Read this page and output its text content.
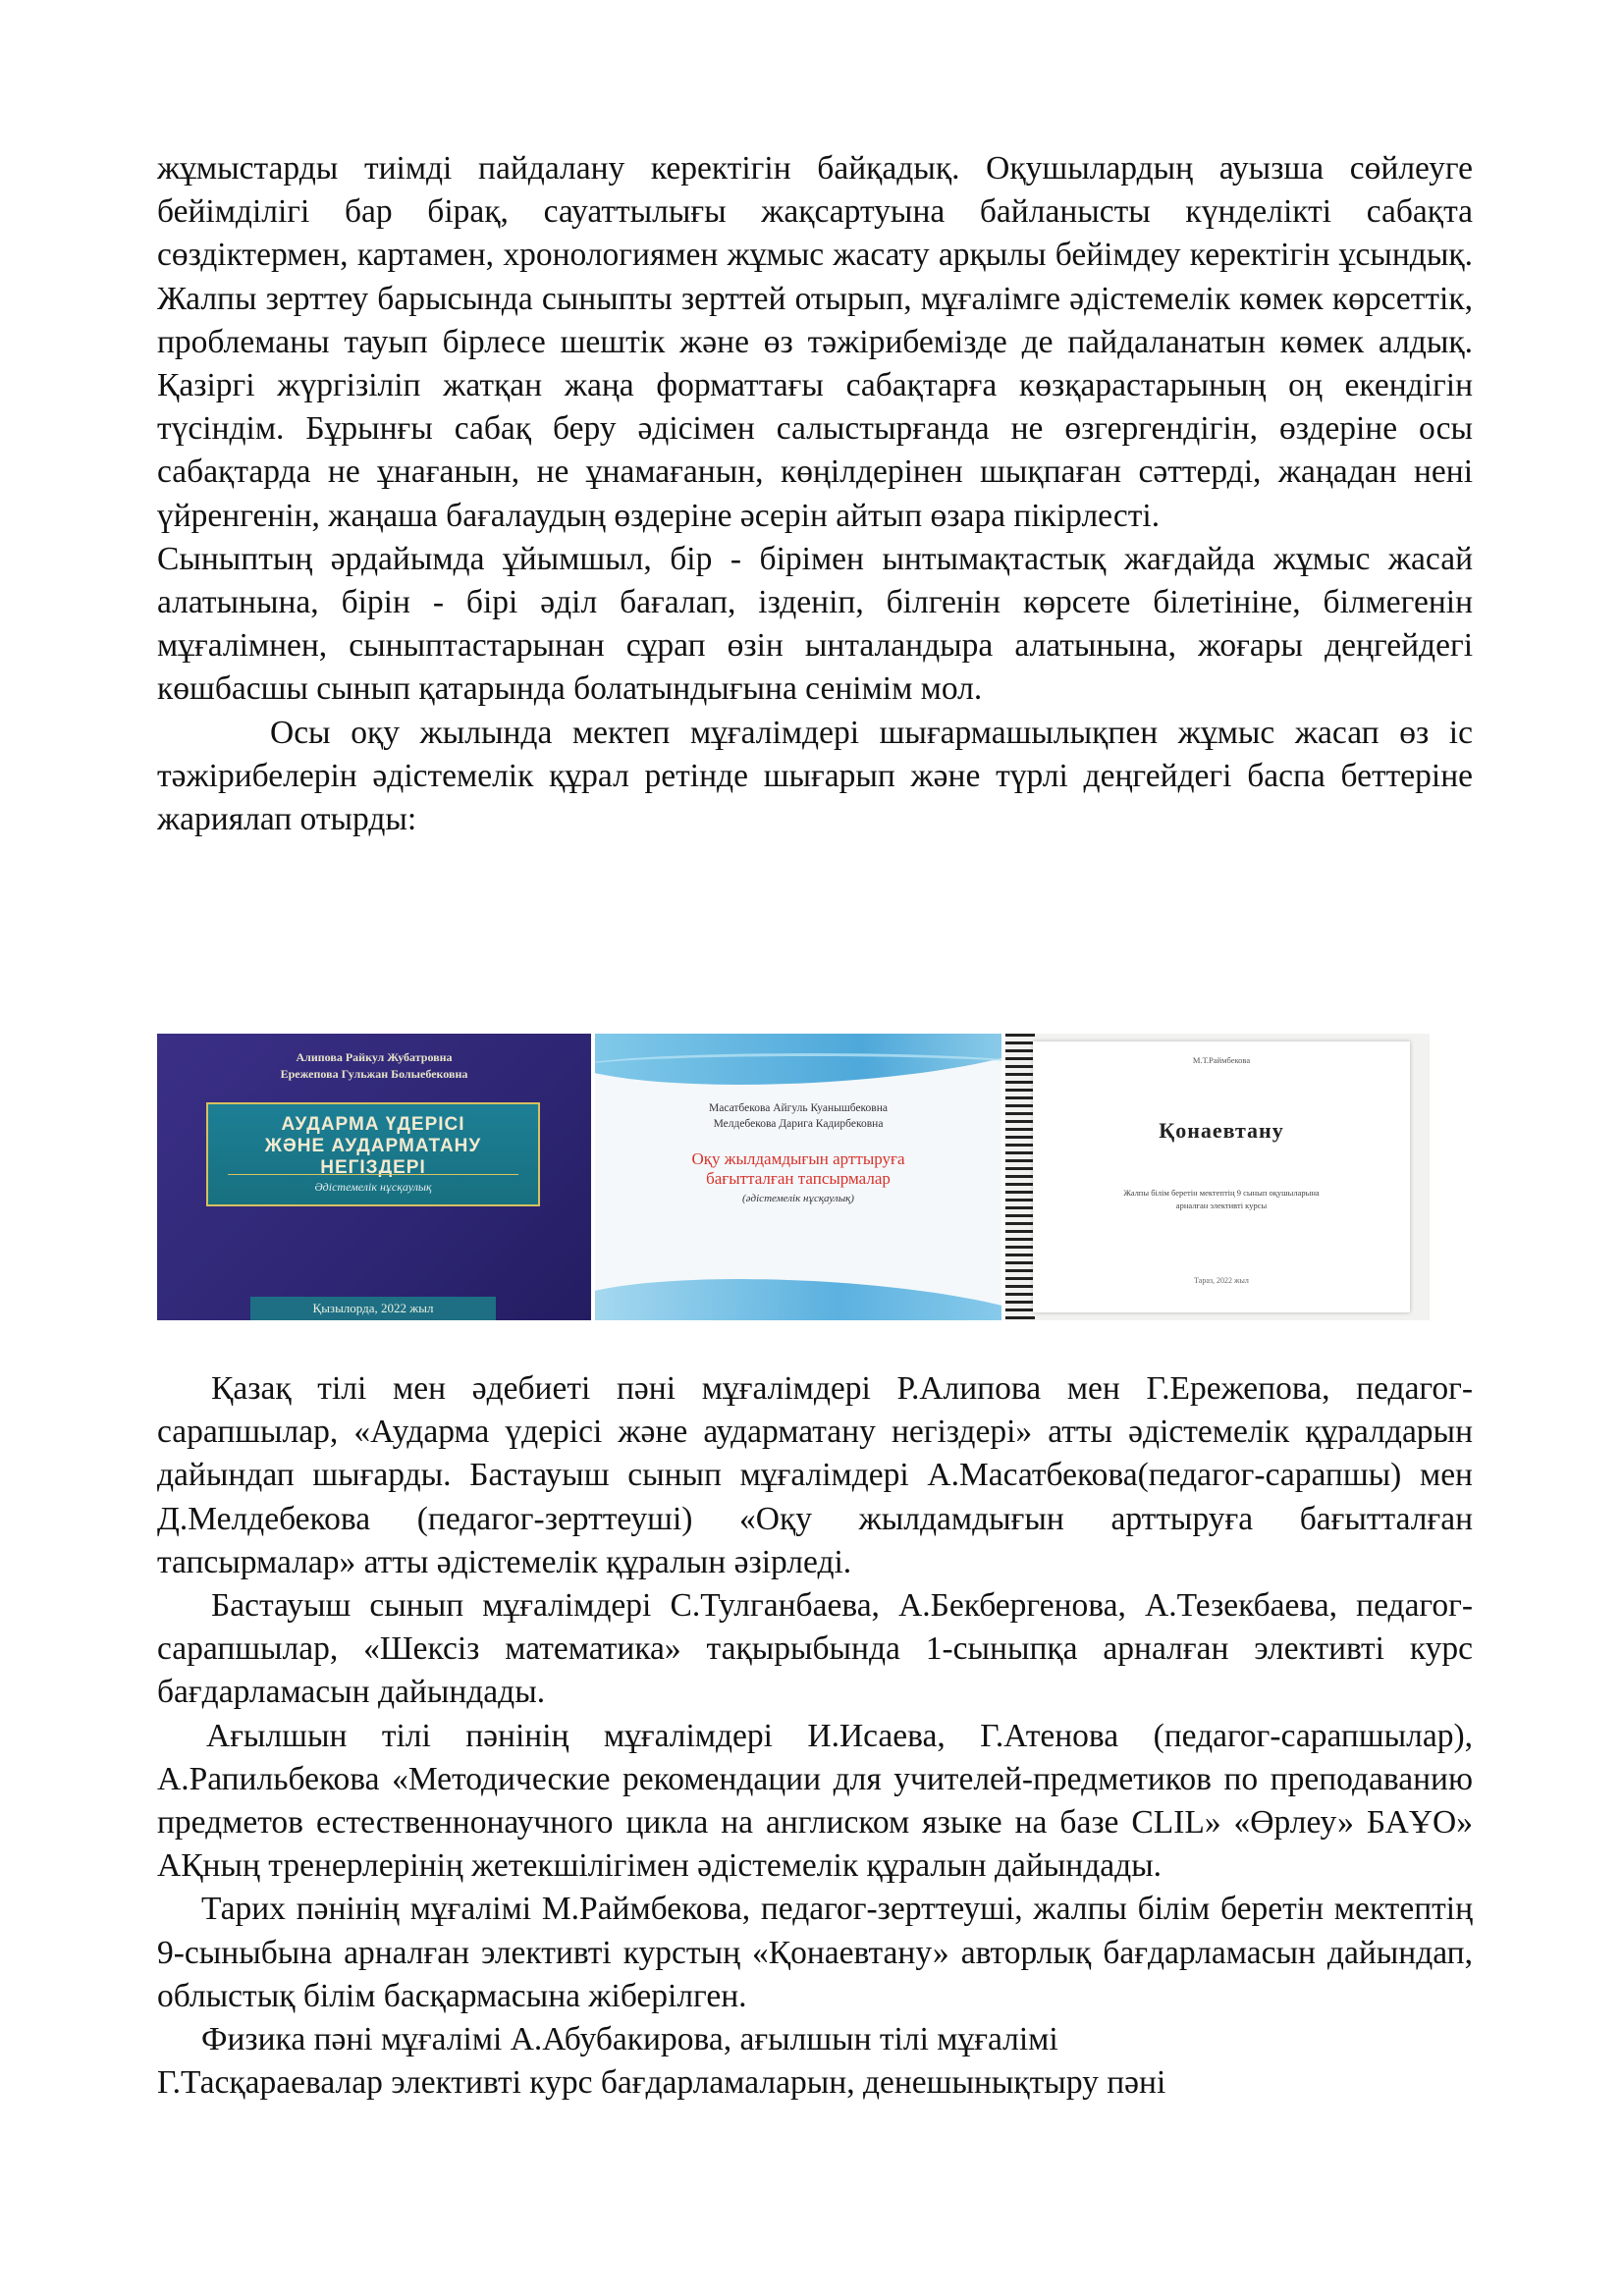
жұмыстарды тиімді пайдалану керектігін байқадық. Оқушылардың ауызша сөйлеуге бейімділігі бар бірақ, сауаттылығы жақсартуына байланысты күнделікті сабақта сөздіктермен, картамен, хронологиямен жұмыс жасату арқылы бейімдеу керектігін ұсындық. Жалпы зерттеу барысында сыныпты зерттей отырып, мұғалімге әдістемелік көмек көрсеттік, проблеманы тауып бірлесе шештік және өз тәжірибемізде де пайдаланатын көмек алдық. Қазіргі жүргізіліп жатқан жаңа форматтағы сабақтарға көзқарастарының оң екендігін түсіндім. Бұрынғы сабақ беру әдісімен салыстырғанда не өзгергендігін, өздеріне осы сабақтарда не ұнағанын, не ұнамағанын, көңілдерінен шықпаған сәттерді, жаңадан нені үйренгенін, жаңаша бағалаудың өздеріне әсерін айтып өзара пікірлесті.

Сыныптың әрдайымда ұйымшыл, бір - бірімен ынтымақтастық жағдайда жұмыс жасай алатынына, бірін - бірі әділ бағалап, ізденіп, білгенін көрсете білетініне, білмегенін мұғалімнен, сыныптастарынан сұрап өзін ынталандыра алатынына, жоғары деңгейдегі көшбасшы сынып қатарында болатындығына сенімім мол.

Осы оқу жылында мектеп мұғалімдері шығармашылықпен жұмыс жасап өз іс тәжірибелерін әдістемелік құрал ретінде шығарып және түрлі деңгейдегі баспа беттеріне жариялап отырды:

Алипова Райкул Жубатровна
Ережепова Гульжан Болыебековна
АУДАРМА ҮДЕРІСІ
ЖӘНЕ АУДАРМАТАНУ
НЕГІЗДЕРІ
Әдістемелік нұсқаулық
Қызылорда, 2022 жыл
Масатбекова Айгуль Куанышбековна
Мелдебекова Дарига Кадирбековна
Оқу жылдамдығын арттыруға
бағытталған тапсырмалар
(әдістемелік нұсқаулық)
М.Т.Раймбекова
Қонаевтану
Жалпы білім беретін мектептің 9 сынып оқушыларына
арналған элективті курсы
Тараз, 2022 жыл

Қазақ тілі мен әдебиеті пәні мұғалімдері Р.Алипова мен Г.Ережепова, педагог-сарапшылар, «Аударма үдерісі және аударматану негіздері» атты әдістемелік құралдарын дайындап шығарды. Бастауыш сынып мұғалімдері А.Масатбекова(педагог-сарапшы) мен Д.Мелдебекова (педагог-зерттеуші) «Оқу жылдамдығын арттыруға бағытталған тапсырмалар» атты әдістемелік құралын әзірледі.

Бастауыш сынып мұғалімдері С.Тулганбаева, А.Бекбергенова, А.Тезекбаева, педагог-сарапшылар, «Шексіз математика» тақырыбында 1-сыныпқа арналған элективті курс бағдарламасын дайындады.

Ағылшын тілі пәнінің мұғалімдері И.Исаева, Г.Атенова (педагог-сарапшылар), А.Рапильбекова «Методические рекомендации для учителей-предметиков по преподаванию предметов естественнонаучного цикла на англиском языке на базе CLIL» «Өрлеу» БАҰО» АҚның тренерлерінің жетекшілігімен әдістемелік құралын дайындады.

Тарих пәнінің мұғалімі М.Раймбекова, педагог-зерттеуші, жалпы білім беретін мектептің 9-сыныбына арналған элективті курстың «Қонаевтану» авторлық бағдарламасын дайындап, облыстық білім басқармасына жіберілген.

Физика пәні мұғалімі А.Абубакирова, ағылшын тілі мұғалімі

Г.Тасқараевалар элективті курс бағдарламаларын, денешынықтыру пәні
